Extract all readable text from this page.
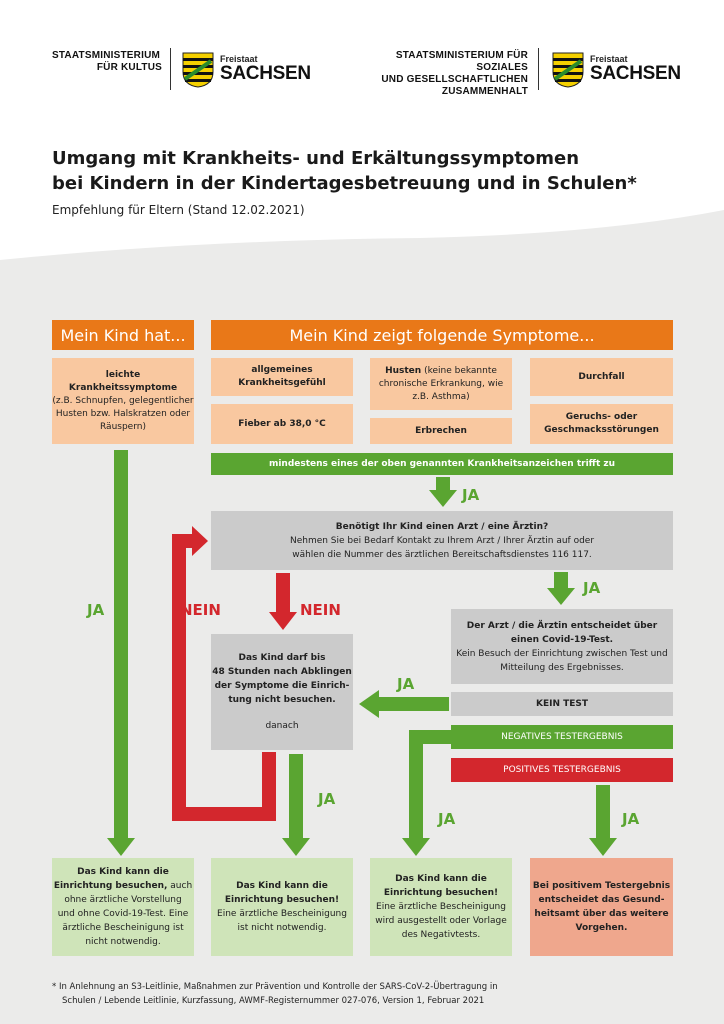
STAATSMINISTERIUM
FÜR KULTUS
Freistaat
SACHSEN
STAATSMINISTERIUM FÜR SOZIALES
UND GESELLSCHAFTLICHEN
ZUSAMMENHALT
Freistaat
SACHSEN
Umgang mit Krankheits- und Erkältungssymptomen
bei Kindern in der Kindertagesbetreuung und in Schulen*
Empfehlung für Eltern (Stand 12.02.2021)
Mein Kind hat...	Mein Kind zeigt folgende Symptome...
leichte
Krankheitssymptome
(z.B. Schnupfen, gelegentlicher
Husten bzw. Halskratzen oder
Räuspern)
allgemeines
Krankheitsgefühl
Husten (keine bekannte
chronische Erkrankung, wie
z.B. Asthma)
Durchfall
Fieber ab 38,0 °C
Erbrechen
Geruchs- oder
Geschmacksstörungen
mindestens eines der oben genannten Krankheitsanzeichen trifft zu
Benötigt Ihr Kind einen Arzt / eine Ärztin?
Nehmen Sie bei Bedarf Kontakt zu Ihrem Arzt / Ihrer Ärztin auf oder
wählen die Nummer des ärztlichen Bereitschaftsdienstes 116 117.
Der Arzt / die Ärztin entscheidet über
einen Covid-19-Test.
Kein Besuch der Einrichtung zwischen Test und
Mitteilung des Ergebnisses.
Das Kind darf bis
48 Stunden nach Abklingen
der Symptome die Einrich-
tung nicht besuchen.
danach
KEIN TEST
NEGATIVES TESTERGEBNIS
POSITIVES TESTERGEBNIS
JA
JA
JA
NEIN	NEIN
JA
JA
JA	JA
Das Kind kann die
Einrichtung besuchen, auch
ohne ärztliche Vorstellung
und ohne Covid-19-Test. Eine
ärztliche Bescheinigung ist
nicht notwendig.
Das Kind kann die
Einrichtung besuchen!
Eine ärztliche Bescheinigung
ist nicht notwendig.
Das Kind kann die
Einrichtung besuchen!
Eine ärztliche Bescheinigung
wird ausgestellt oder Vorlage
des Negativtests.
Bei positivem Testergebnis
entscheidet das Gesund-
heitsamt über das weitere
Vorgehen.
* In Anlehnung an S3-Leitlinie, Maßnahmen zur Prävention und Kontrolle der SARS-CoV-2-Übertragung in
Schulen / Lebende Leitlinie, Kurzfassung, AWMF-Registernummer 027-076, Version 1, Februar 2021
